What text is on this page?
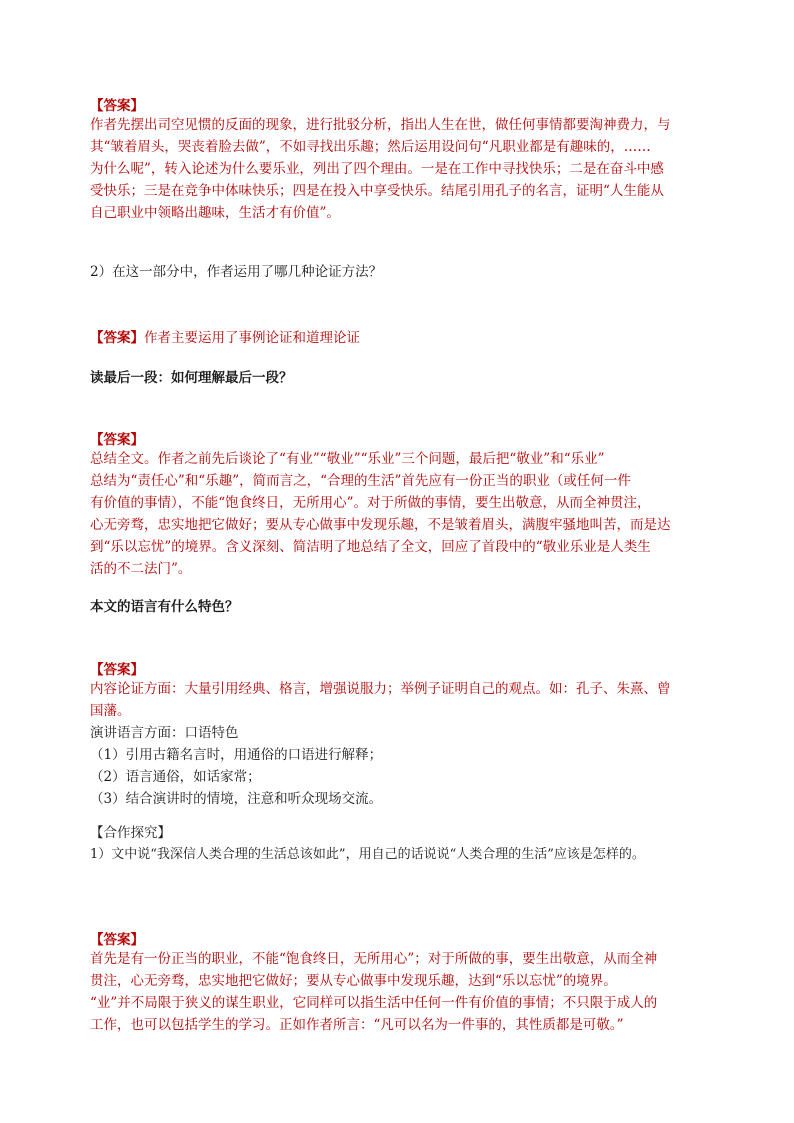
【答案】
作者先摆出司空见惯的反面的现象，进行批驳分析，指出人生在世，做任何事情都要淘神费力，与
其“皱着眉头，哭丧着脸去做”，不如寻找出乐趣；然后运用设问句“凡职业都是有趣味的，……
为什么呢”，转入论述为什么要乐业，列出了四个理由。一是在工作中寻找快乐；二是在奋斗中感
受快乐；三是在竞争中体味快乐；四是在投入中享受快乐。结尾引用孔子的名言，证明“人生能从
自己职业中领略出趣味，生活才有价值”。
2）在这一部分中，作者运用了哪几种论证方法？
【答案】作者主要运用了事例论证和道理论证
读最后一段：如何理解最后一段？
【答案】
总结全文。作者之前先后谈论了“有业”“敬业”“乐业”三个问题，最后把“敬业”和“乐业”
总结为“责任心”和“乐趣”，简而言之，“合理的生活”首先应有一份正当的职业（或任何一件
有价值的事情），不能“饱食终日，无所用心”。对于所做的事情，要生出敬意，从而全神贯注，
心无旁骛，忠实地把它做好；要从专心做事中发现乐趣，不是皱着眉头，满腹牢骚地叫苦，而是达
到“乐以忘忧”的境界。含义深刻、简洁明了地总结了全文，回应了首段中的“敬业乐业是人类生
活的不二法门”。
本文的语言有什么特色？
【答案】
内容论证方面：大量引用经典、格言，增强说服力；举例子证明自己的观点。如：孔子、朱熹、曾
国藩。
演讲语言方面：口语特色
（1）引用古籍名言时，用通俗的口语进行解释；
（2）语言通俗，如话家常；
（3）结合演讲时的情境，注意和听众现场交流。
【合作探究】
1）文中说“我深信人类合理的生活总该如此”，用自己的话说说“人类合理的生活”应该是怎样的。
【答案】
首先是有一份正当的职业，不能“饱食终日，无所用心”；对于所做的事，要生出敬意，从而全神
贯注，心无旁骛，忠实地把它做好；要从专心做事中发现乐趣，达到“乐以忘忧”的境界。
“业”并不局限于狭义的谋生职业，它同样可以指生活中任何一件有价值的事情；不只限于成人的
工作，也可以包括学生的学习。正如作者所言：“凡可以名为一件事的，其性质都是可敬。”
